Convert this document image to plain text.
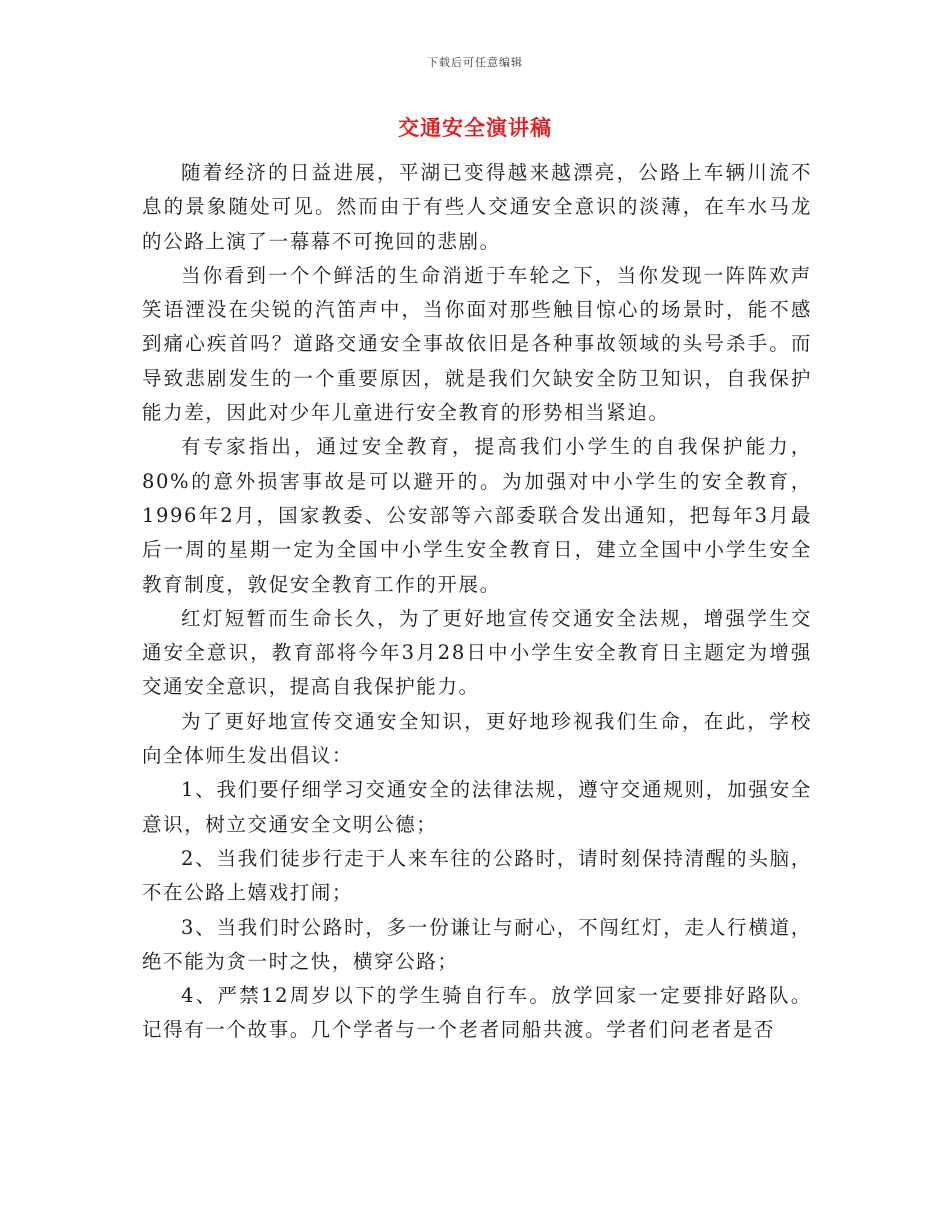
下载后可任意编辑
交通安全演讲稿

随着经济的日益进展，平湖已变得越来越漂亮，公路上车辆川流不息的景象随处可见。然而由于有些人交通安全意识的淡薄，在车水马龙的公路上演了一幕幕不可挽回的悲剧。

当你看到一个个鲜活的生命消逝于车轮之下，当你发现一阵阵欢声笑语湮没在尖锐的汽笛声中，当你面对那些触目惊心的场景时，能不感到痛心疾首吗？道路交通安全事故依旧是各种事故领域的头号杀手。而导致悲剧发生的一个重要原因，就是我们欠缺安全防卫知识，自我保护能力差，因此对少年儿童进行安全教育的形势相当紧迫。

有专家指出，通过安全教育，提高我们小学生的自我保护能力，80%的意外损害事故是可以避开的。为加强对中小学生的安全教育，1996年2月，国家教委、公安部等六部委联合发出通知，把每年3月最后一周的星期一定为全国中小学生安全教育日，建立全国中小学生安全教育制度，敦促安全教育工作的开展。

红灯短暂而生命长久，为了更好地宣传交通安全法规，增强学生交通安全意识，教育部将今年3月28日中小学生安全教育日主题定为增强交通安全意识，提高自我保护能力。

为了更好地宣传交通安全知识，更好地珍视我们生命，在此，学校向全体师生发出倡议：

1、我们要仔细学习交通安全的法律法规，遵守交通规则，加强安全意识，树立交通安全文明公德；

2、当我们徒步行走于人来车往的公路时，请时刻保持清醒的头脑，不在公路上嬉戏打闹；

3、当我们时公路时，多一份谦让与耐心，不闯红灯，走人行横道，绝不能为贪一时之快，横穿公路；

4、严禁12周岁以下的学生骑自行车。放学回家一定要排好路队。记得有一个故事。几个学者与一个老者同船共渡。学者们问老者是否
